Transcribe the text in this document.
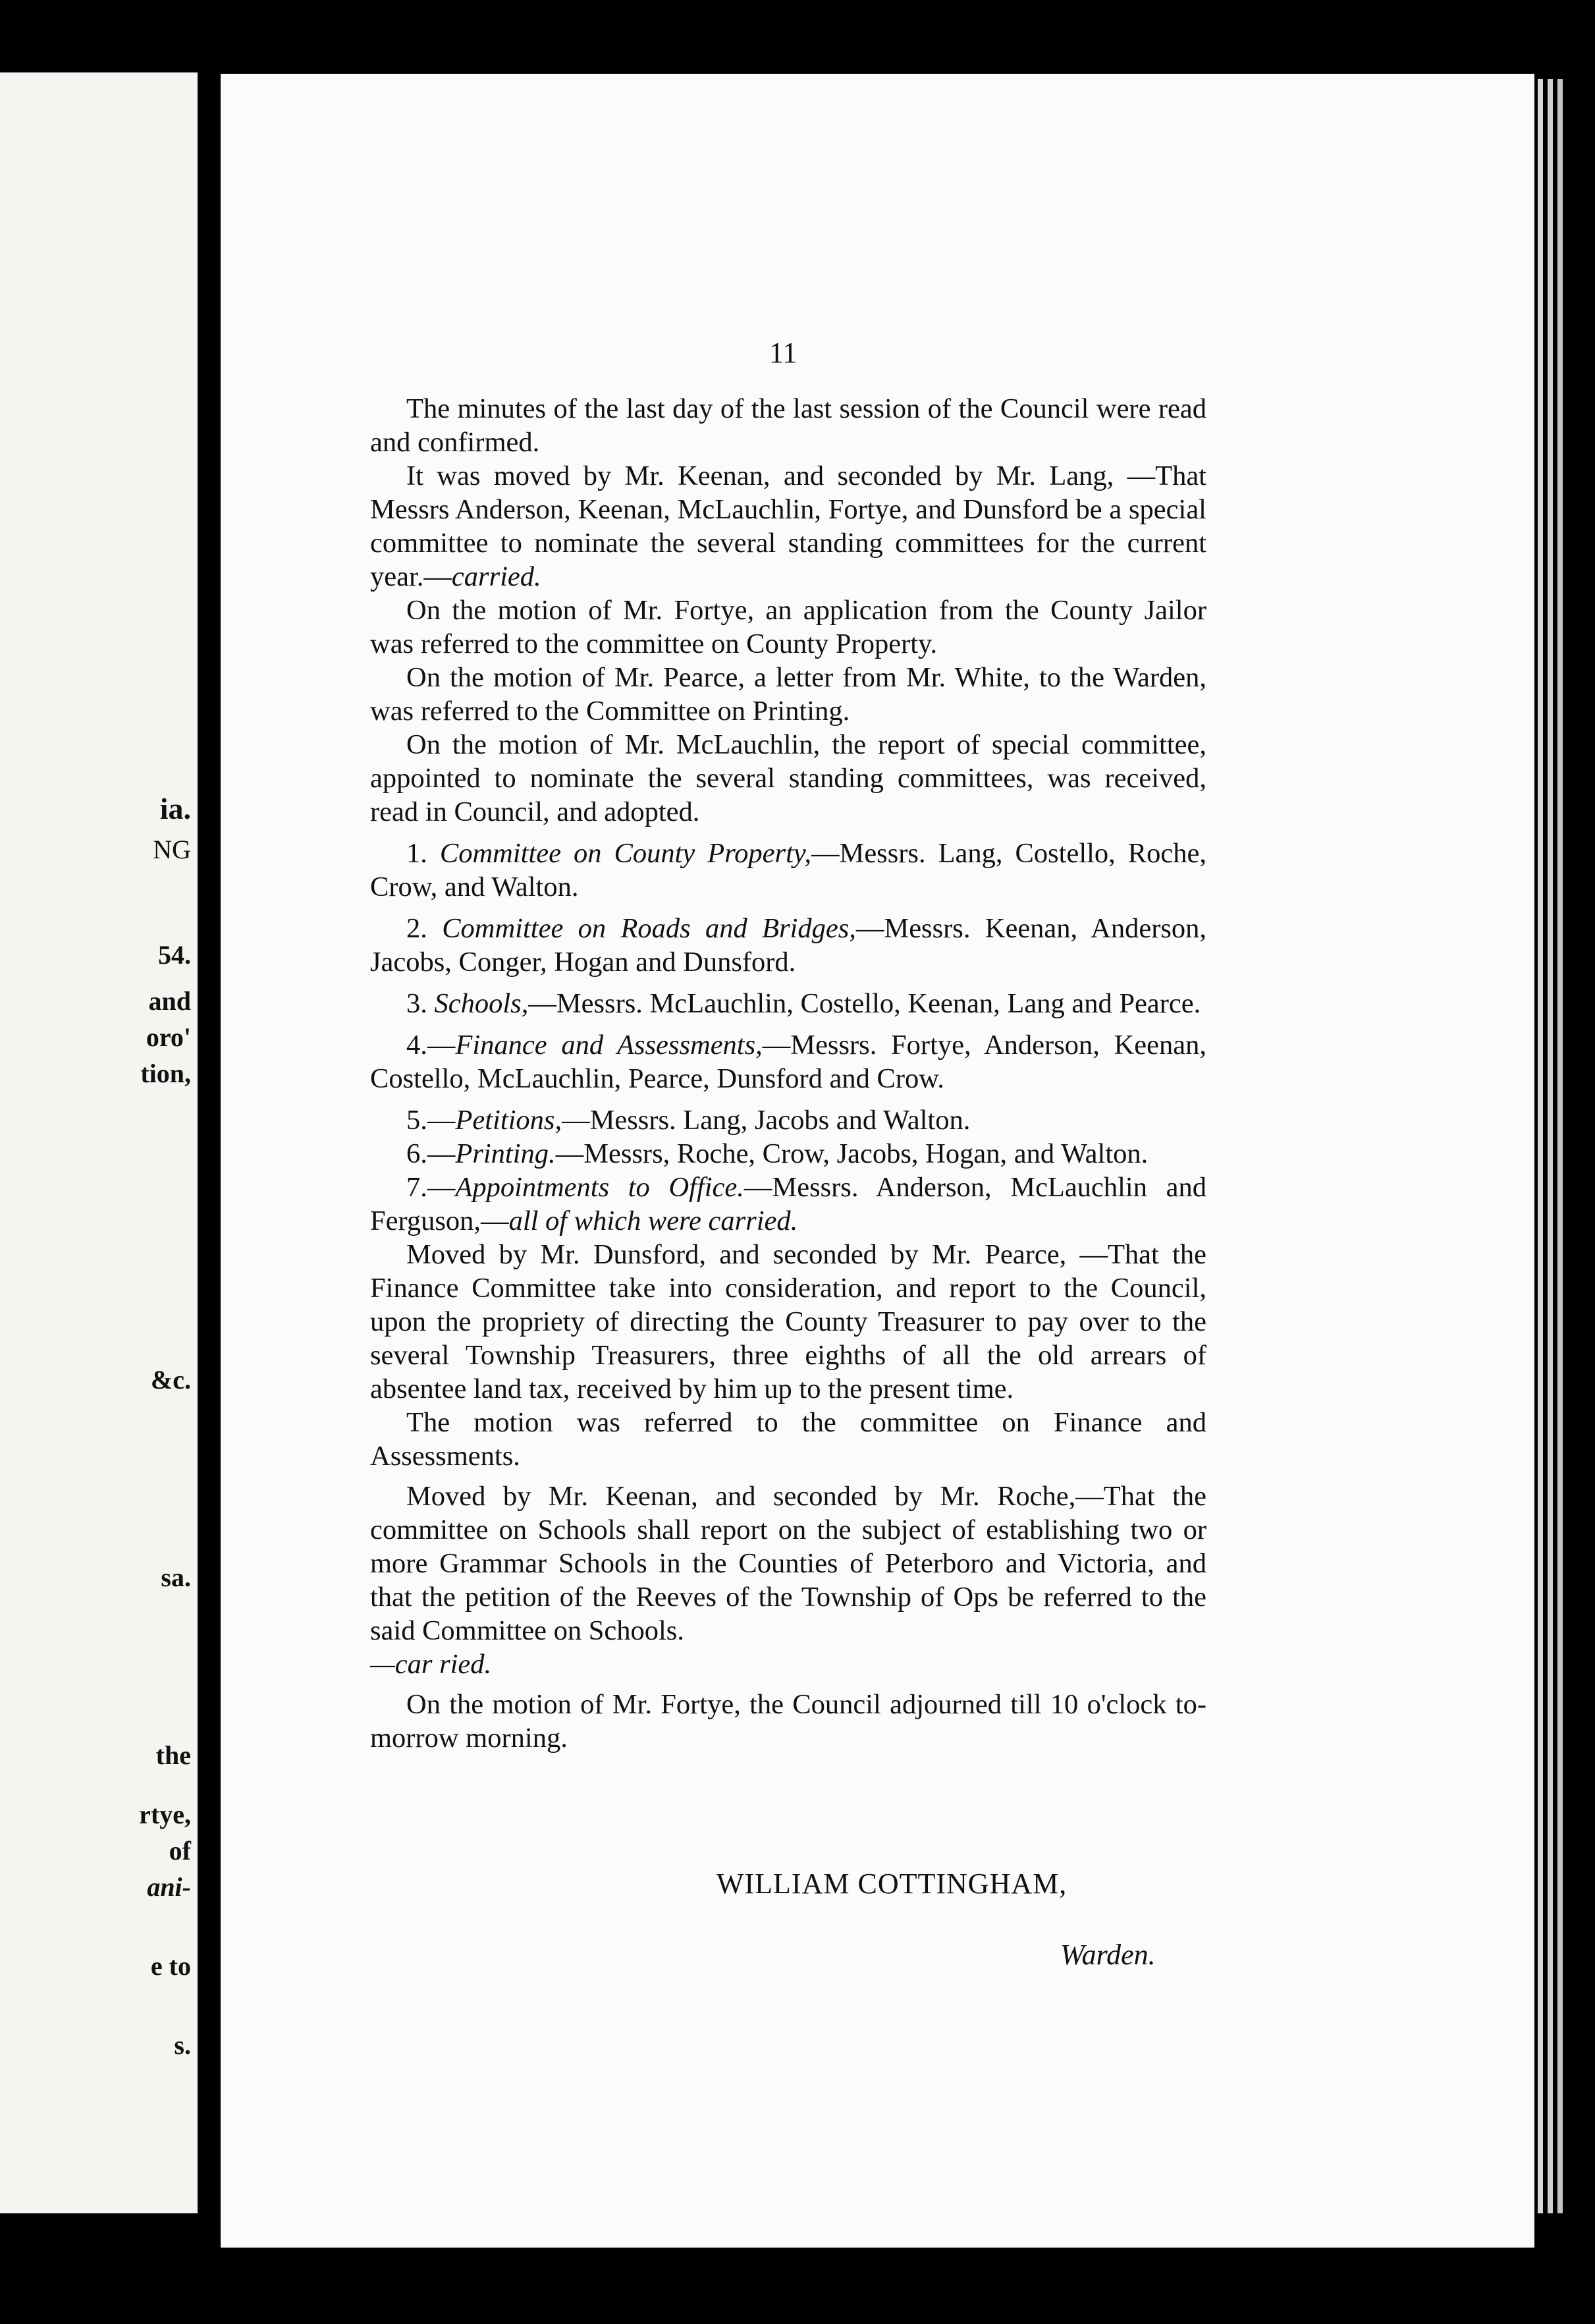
ia.
NG
54.
and
oro'
tion,
&c.
sa.
the
rtye,
of
ani-
e to
s.
11

The minutes of the last day of the last session of the Council were read and confirmed.

It was moved by Mr. Keenan, and seconded by Mr. Lang, —That Messrs Anderson, Keenan, McLauchlin, Fortye, and Dunsford be a special committee to nominate the several standing committees for the current year.—carried.

On the motion of Mr. Fortye, an application from the County Jailor was referred to the committee on County Property.

On the motion of Mr. Pearce, a letter from Mr. White, to the Warden, was referred to the Committee on Printing.

On the motion of Mr. McLauchlin, the report of special committee, appointed to nominate the several standing committees, was received, read in Council, and adopted.

1. Committee on County Property,—Messrs. Lang, Costello, Roche, Crow, and Walton.

2. Committee on Roads and Bridges,—Messrs. Keenan, Anderson, Jacobs, Conger, Hogan and Dunsford.

3. Schools,—Messrs. McLauchlin, Costello, Keenan, Lang and Pearce.

4.—Finance and Assessments,—Messrs. Fortye, Anderson, Keenan, Costello, McLauchlin, Pearce, Dunsford and Crow.

5.—Petitions,—Messrs. Lang, Jacobs and Walton.

6.—Printing.—Messrs, Roche, Crow, Jacobs, Hogan, and Walton.

7.—Appointments to Office.—Messrs. Anderson, McLauchlin and Ferguson,—all of which were carried.

Moved by Mr. Dunsford, and seconded by Mr. Pearce, —That the Finance Committee take into consideration, and report to the Council, upon the propriety of directing the County Treasurer to pay over to the several Township Treasurers, three eighths of all the old arrears of absentee land tax, received by him up to the present time.

The motion was referred to the committee on Finance and Assessments.

Moved by Mr. Keenan, and seconded by Mr. Roche,—That the committee on Schools shall report on the subject of establishing two or more Grammar Schools in the Counties of Peterboro and Victoria, and that the petition of the Reeves of the Township of Ops be referred to the said Committee on Schools.
—car ried.

On the motion of Mr. Fortye, the Council adjourned till 10 o'clock to-morrow morning.

WILLIAM COTTINGHAM,
Warden.
